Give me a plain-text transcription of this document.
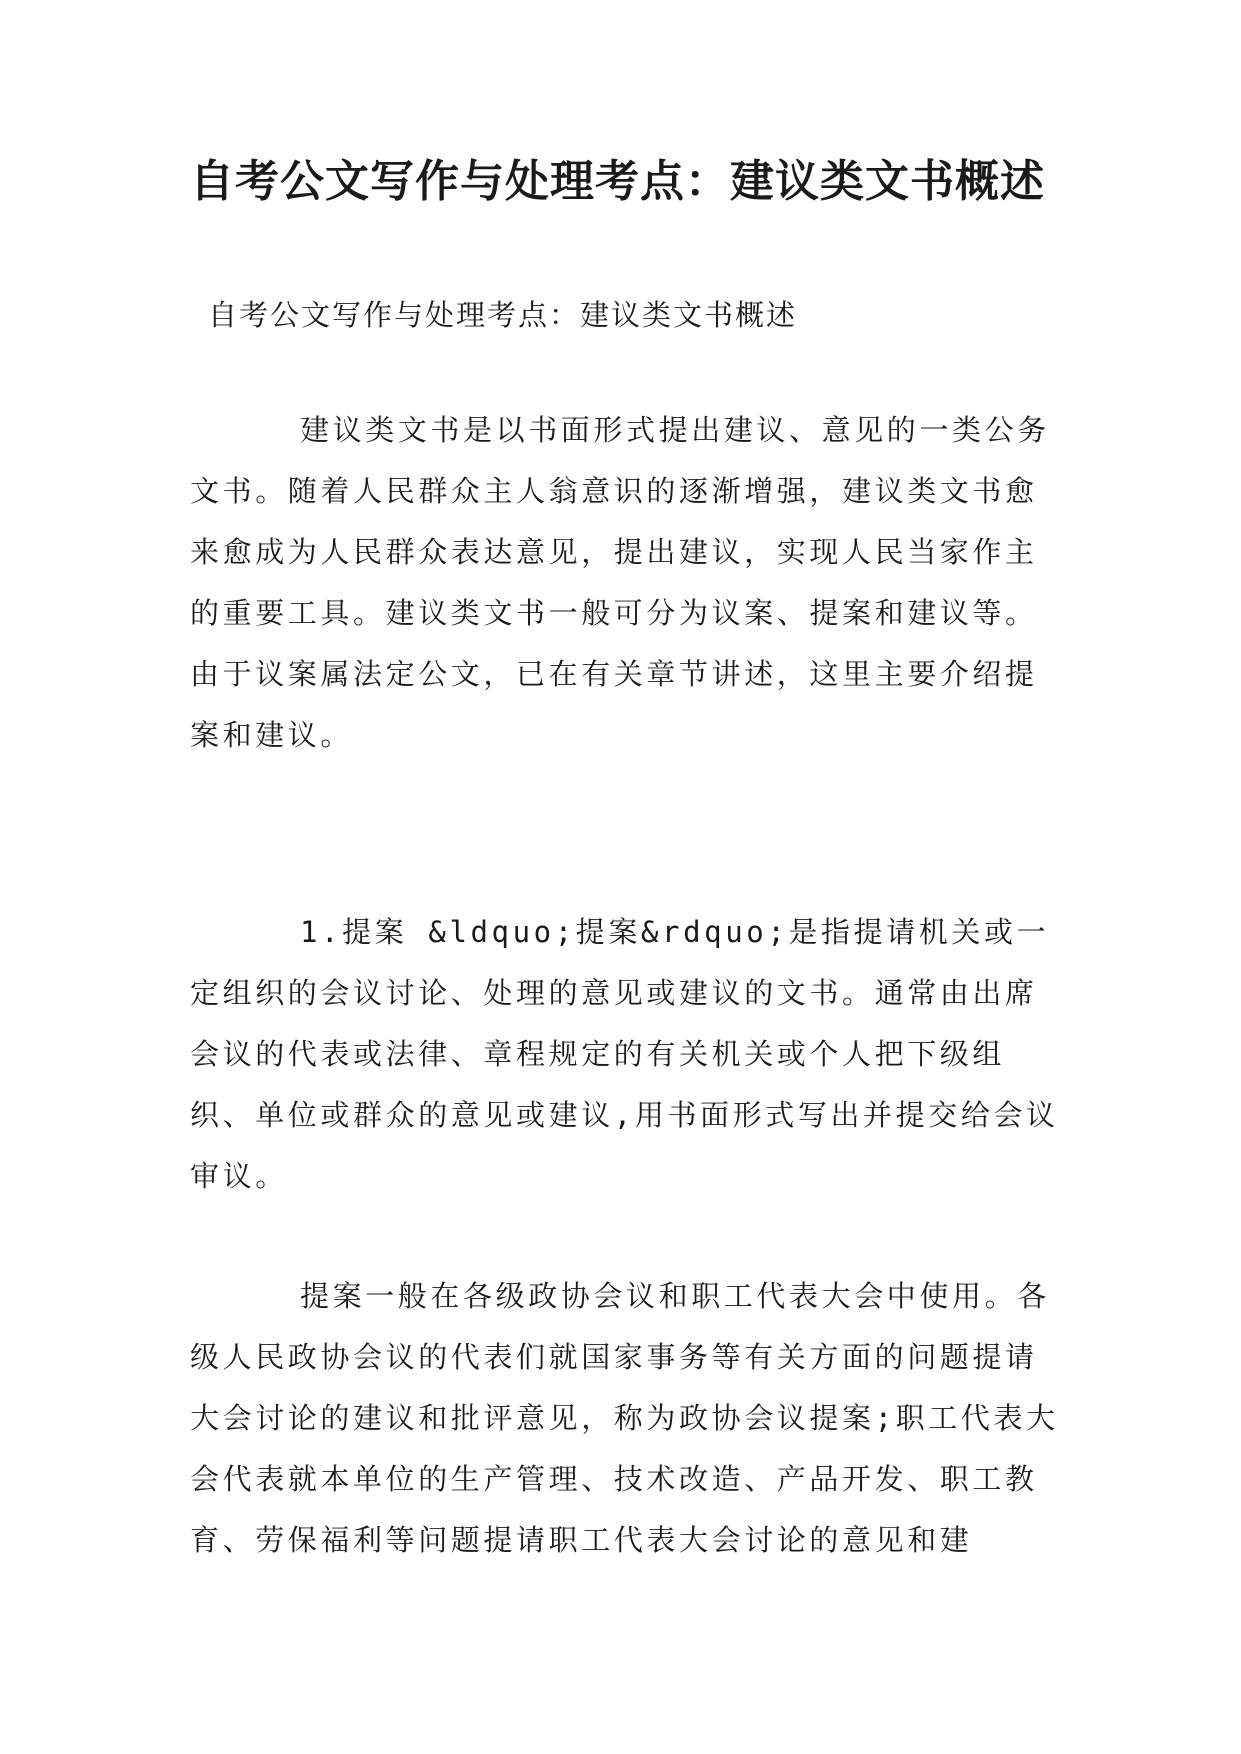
自考公文写作与处理考点：建议类文书概述

自考公文写作与处理考点：建议类文书概述

建议类文书是以书面形式提出建议、意见的一类公务文书。随着人民群众主人翁意识的逐渐增强，建议类文书愈来愈成为人民群众表达意见，提出建议，实现人民当家作主的重要工具。建议类文书一般可分为议案、提案和建议等。由于议案属法定公文，已在有关章节讲述，这里主要介绍提案和建议。

1.提案 &ldquo;提案&rdquo;是指提请机关或一定组织的会议讨论、处理的意见或建议的文书。通常由出席会议的代表或法律、章程规定的有关机关或个人把下级组织、单位或群众的意见或建议,用书面形式写出并提交给会议审议。

提案一般在各级政协会议和职工代表大会中使用。各级人民政协会议的代表们就国家事务等有关方面的问题提请大会讨论的建议和批评意见，称为政协会议提案;职工代表大会代表就本单位的生产管理、技术改造、产品开发、职工教育、劳保福利等问题提请职工代表大会讨论的意见和建
